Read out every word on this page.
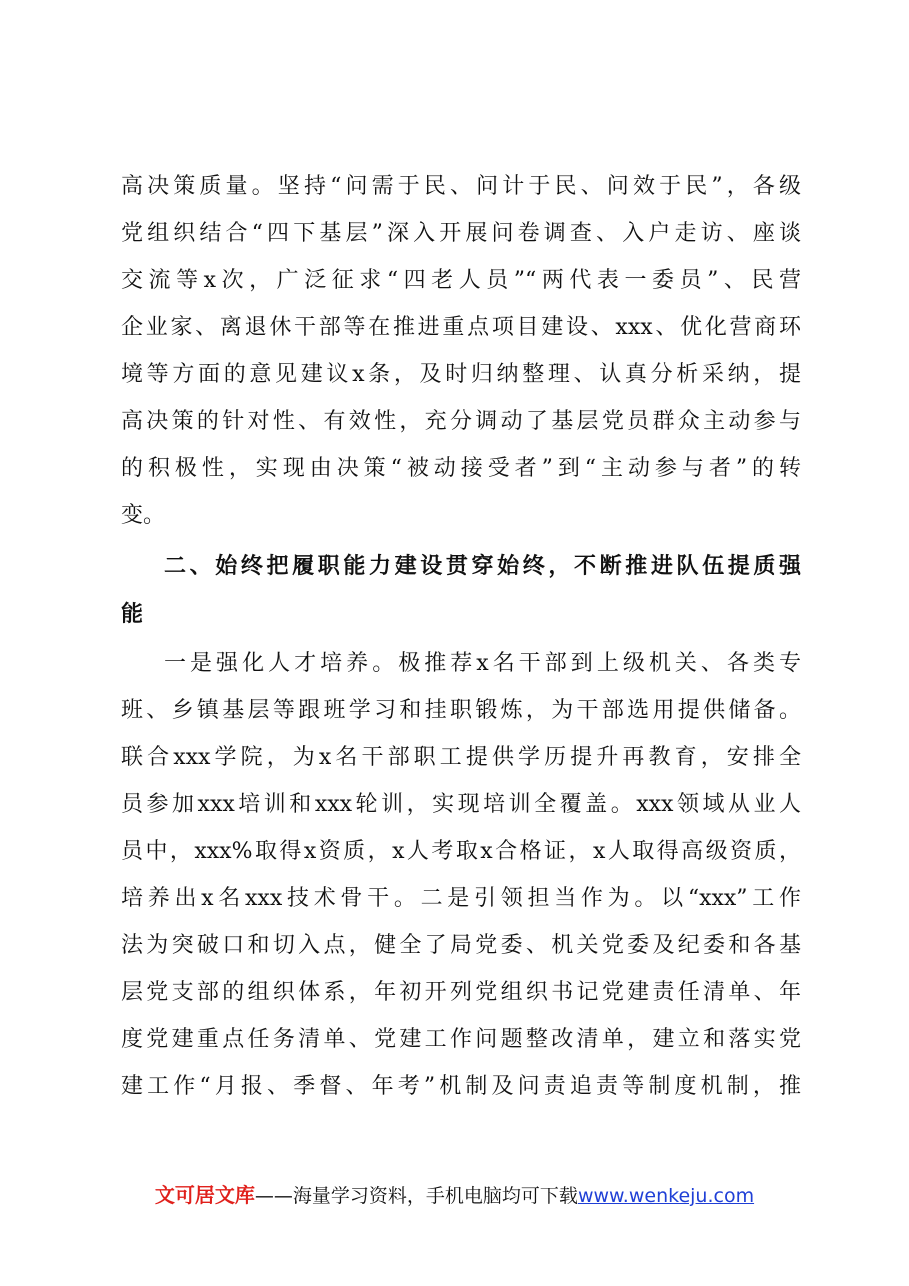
高决策质量。坚持“问需于民、问计于民、问效于民”，各级
党组织结合“四下基层”深入开展问卷调查、入户走访、座谈
交流等x次，广泛征求“四老人员”“两代表一委员”、民营
企业家、离退休干部等在推进重点项目建设、xxx、优化营商环
境等方面的意见建议x条，及时归纳整理、认真分析采纳，提
高决策的针对性、有效性，充分调动了基层党员群众主动参与
的积极性，实现由决策“被动接受者”到“主动参与者”的转
变。
二、始终把履职能力建设贯穿始终，不断推进队伍提质强
能
一是强化人才培养。极推荐x名干部到上级机关、各类专
班、乡镇基层等跟班学习和挂职锻炼，为干部选用提供储备。
联合xxx学院，为x名干部职工提供学历提升再教育，安排全
员参加xxx培训和xxx轮训，实现培训全覆盖。xxx领域从业人
员中，xxx%取得x资质，x人考取x合格证，x人取得高级资质，
培养出x名xxx技术骨干。二是引领担当作为。以“xxx”工作
法为突破口和切入点，健全了局党委、机关党委及纪委和各基
层党支部的组织体系，年初开列党组织书记党建责任清单、年
度党建重点任务清单、党建工作问题整改清单，建立和落实党
建工作“月报、季督、年考”机制及问责追责等制度机制，推
文可居文库——海量学习资料，手机电脑均可下载www.wenkeju.com
